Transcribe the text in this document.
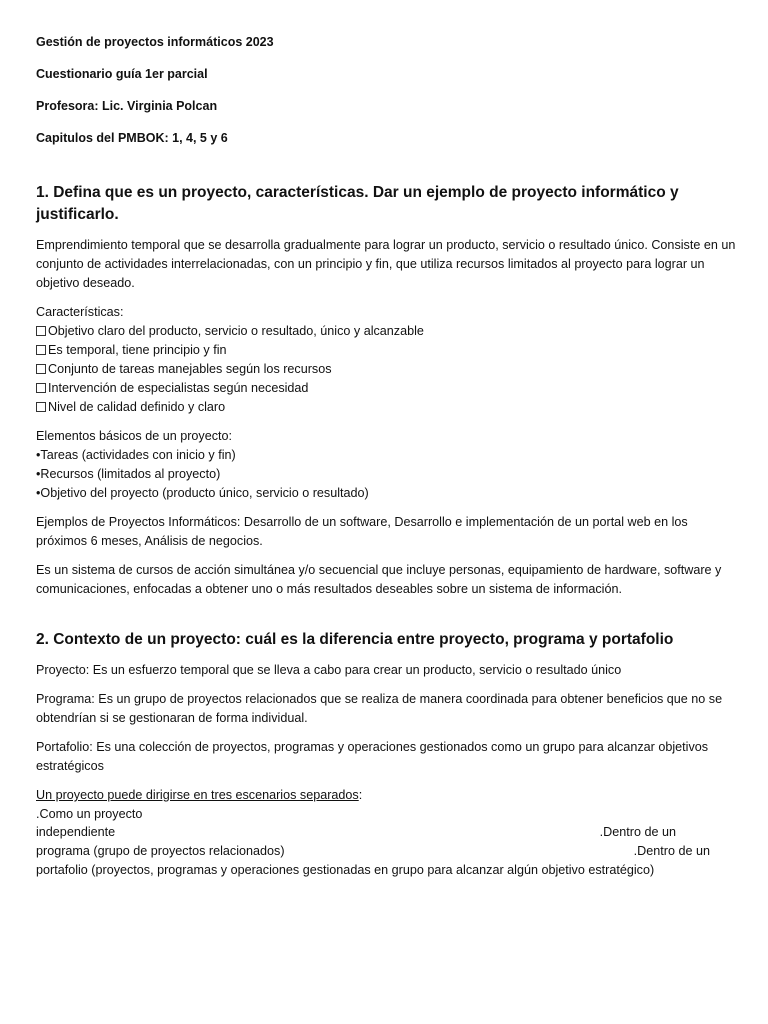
Gestión de proyectos informáticos 2023
Cuestionario guía 1er parcial
Profesora: Lic. Virginia Polcan
Capitulos del PMBOK: 1, 4, 5 y 6
1. Defina que es un proyecto, características. Dar un ejemplo de proyecto informático y justificarlo.

Emprendimiento temporal que se desarrolla gradualmente para lograr un producto, servicio o resultado único. Consiste en un conjunto de actividades interrelacionadas, con un principio y fin, que utiliza recursos limitados al proyecto para lograr un objetivo deseado.

Características:
Objetivo claro del producto, servicio o resultado, único y alcanzable
Es temporal, tiene principio y fin
Conjunto de tareas manejables según los recursos
Intervención de especialistas según necesidad
Nivel de calidad definido y claro
Elementos básicos de un proyecto:
•Tareas (actividades con inicio y fin)
•Recursos (limitados al proyecto)
•Objetivo del proyecto (producto único, servicio o resultado)

Ejemplos de Proyectos Informáticos: Desarrollo de un software, Desarrollo e implementación de un portal web en los próximos 6 meses, Análisis de negocios.

Es un sistema de cursos de acción simultánea y/o secuencial que incluye personas, equipamiento de hardware, software y comunicaciones, enfocadas a obtener uno o más resultados deseables sobre un sistema de información.

2. Contexto de un proyecto: cuál es la diferencia entre proyecto, programa y portafolio

Proyecto: Es un esfuerzo temporal que se lleva a cabo para crear un producto, servicio o resultado único

Programa: Es un grupo de proyectos relacionados que se realiza de manera coordinada para obtener beneficios que no se obtendrían si se gestionaran de forma individual.

Portafolio: Es una colección de proyectos, programas y operaciones gestionados como un grupo para alcanzar objetivos estratégicos

Un proyecto puede dirigirse en tres escenarios separados:
.Como un proyecto
independiente	.Dentro de un
programa (grupo de proyectos relacionados)	.Dentro de un
portafolio (proyectos, programas y operaciones gestionadas en grupo para alcanzar algún objetivo estratégico)
